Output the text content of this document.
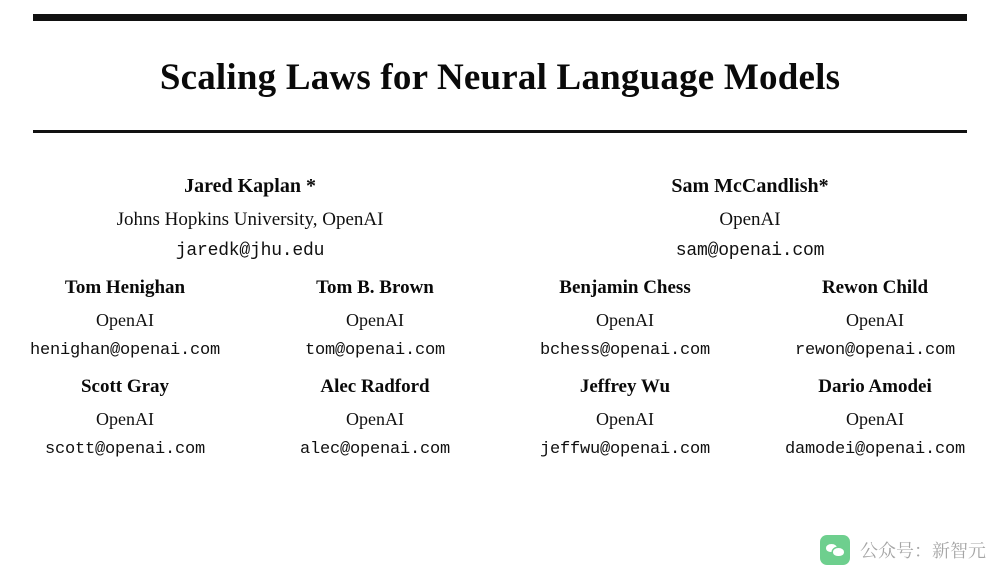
Scaling Laws for Neural Language Models
Jared Kaplan *
Johns Hopkins University, OpenAI
jaredk@jhu.edu
Sam McCandlish*
OpenAI
sam@openai.com
Tom Henighan
OpenAI
henighan@openai.com
Tom B. Brown
OpenAI
tom@openai.com
Benjamin Chess
OpenAI
bchess@openai.com
Rewon Child
OpenAI
rewon@openai.com
Scott Gray
OpenAI
scott@openai.com
Alec Radford
OpenAI
alec@openai.com
Jeffrey Wu
OpenAI
jeffwu@openai.com
Dario Amodei
OpenAI
damodei@openai.com
公众号：新智元
